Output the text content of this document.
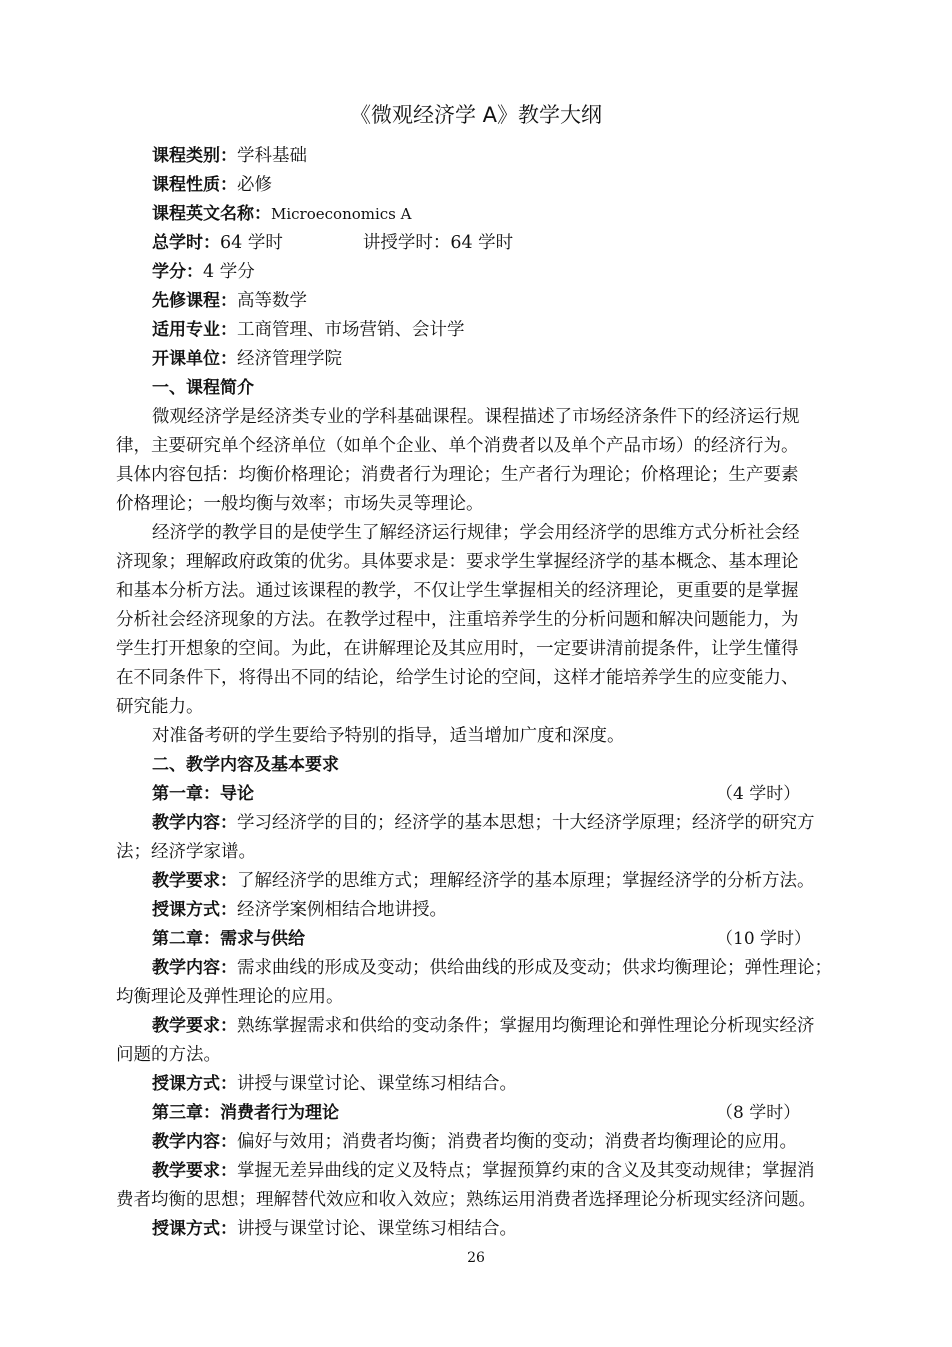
《微观经济学 A》教学大纲
课程类别：学科基础
课程性质：必修
课程英文名称：Microeconomics A
总学时：64 学时	讲授学时：64 学时
学分：4 学分
先修课程：高等数学
适用专业：工商管理、市场营销、会计学
开课单位：经济管理学院
一、课程简介
微观经济学是经济类专业的学科基础课程。课程描述了市场经济条件下的经济运行规
律，主要研究单个经济单位（如单个企业、单个消费者以及单个产品市场）的经济行为。
具体内容包括：均衡价格理论；消费者行为理论；生产者行为理论；价格理论；生产要素
价格理论；一般均衡与效率；市场失灵等理论。
经济学的教学目的是使学生了解经济运行规律；学会用经济学的思维方式分析社会经
济现象；理解政府政策的优劣。具体要求是：要求学生掌握经济学的基本概念、基本理论
和基本分析方法。通过该课程的教学，不仅让学生掌握相关的经济理论，更重要的是掌握
分析社会经济现象的方法。在教学过程中，注重培养学生的分析问题和解决问题能力，为
学生打开想象的空间。为此，在讲解理论及其应用时，一定要讲清前提条件，让学生懂得
在不同条件下，将得出不同的结论，给学生讨论的空间，这样才能培养学生的应变能力、
研究能力。
对准备考研的学生要给予特别的指导，适当增加广度和深度。
二、教学内容及基本要求
第一章：导论	（4 学时）
教学内容：学习经济学的目的；经济学的基本思想；十大经济学原理；经济学的研究方
法；经济学家谱。
教学要求：了解经济学的思维方式；理解经济学的基本原理；掌握经济学的分析方法。
授课方式：经济学案例相结合地讲授。
第二章：需求与供给	（10 学时）
教学内容：需求曲线的形成及变动；供给曲线的形成及变动；供求均衡理论；弹性理论；
均衡理论及弹性理论的应用。
教学要求：熟练掌握需求和供给的变动条件；掌握用均衡理论和弹性理论分析现实经济
问题的方法。
授课方式：讲授与课堂讨论、课堂练习相结合。
第三章：消费者行为理论	（8 学时）
教学内容：偏好与效用；消费者均衡；消费者均衡的变动；消费者均衡理论的应用。
教学要求：掌握无差异曲线的定义及特点；掌握预算约束的含义及其变动规律；掌握消
费者均衡的思想；理解替代效应和收入效应；熟练运用消费者选择理论分析现实经济问题。
授课方式：讲授与课堂讨论、课堂练习相结合。
26
